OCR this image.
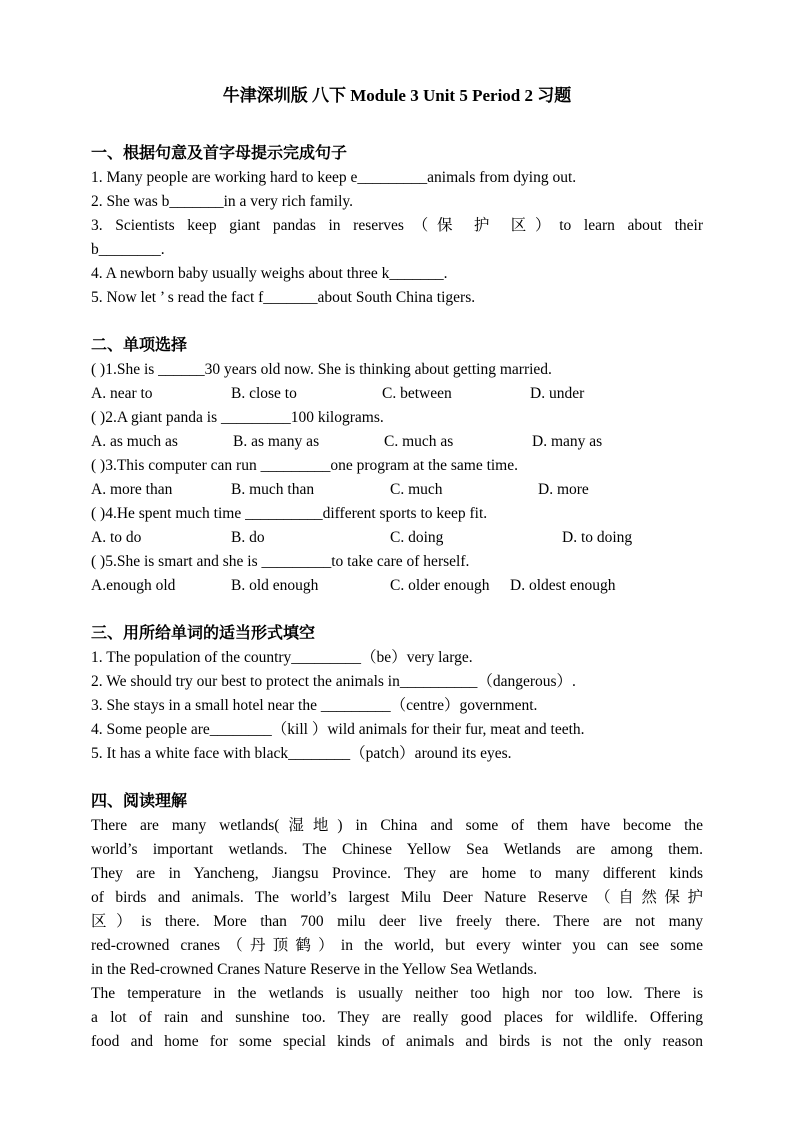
牛津深圳版 八下 Module 3 Unit 5 Period 2 习题
一、根据句意及首字母提示完成句子
1. Many people are working hard to keep e_________animals from dying out.
2. She was b_______in a very rich family.
3. Scientists keep giant pandas in reserves（保 护 区）to learn about their
b________.
4. A newborn baby usually weighs about three k_______.
5. Now let ’ s read the fact f_______about South China tigers.
二、单项选择
( )1.She is ______30 years old now. She is thinking about getting married.
A. near to	B. close to	C. between	D. under
( )2.A giant panda is _________100 kilograms.
A. as much as	B. as many as	C. much as	D. many as
( )3.This computer can run _________one program at the same time.
A. more than	B. much than	C. much	D. more
( )4.He spent much time __________different sports to keep fit.
A. to do	B. do	C. doing	D. to doing
( )5.She is smart and she is _________to take care of herself.
A.enough old	B. old enough	C. older enough	D. oldest enough
三、用所给单词的适当形式填空
1. The population of the country_________（be）very large.
2. We should try our best to protect the animals in__________（dangerous）.
3. She stays in a small hotel near the _________（centre）government.
4. Some people are________（kill ）wild animals for their fur, meat and teeth.
5. It has a white face with black________（patch）around its eyes.
四、阅读理解
There are many wetlands(湿地) in China and some of them have become the
world’s important wetlands. The Chinese Yellow Sea Wetlands are among them.
They are in Yancheng, Jiangsu Province. They are home to many different kinds
of birds and animals. The world’s largest Milu Deer Nature Reserve（自然保护
区）is there. More than 700 milu deer live freely there. There are not many
red-crowned cranes（丹顶鹤）in the world, but every winter you can see some
in the Red-crowned Cranes Nature Reserve in the Yellow Sea Wetlands.
The temperature in the wetlands is usually neither too high nor too low. There is
a lot of rain and sunshine too. They are really good places for wildlife. Offering
food and home for some special kinds of animals and birds is not the only reason
